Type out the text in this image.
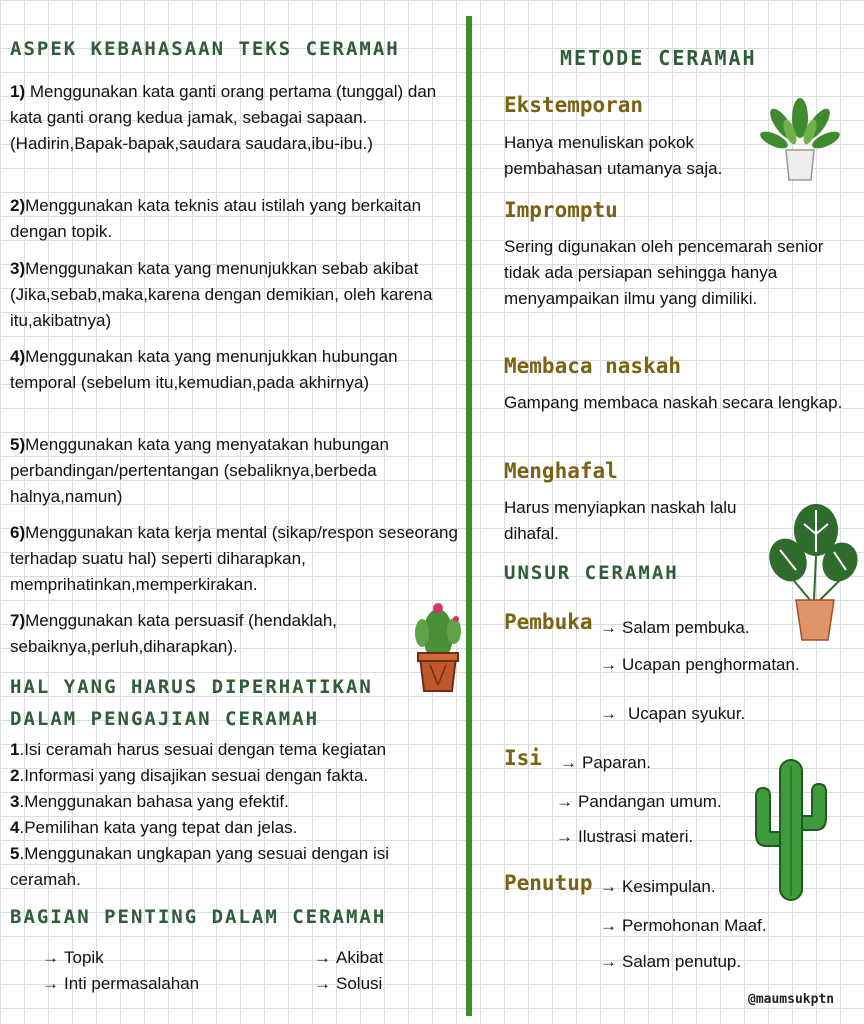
ASPEK KEBAHASAAN TEKS CERAMAH

1) Menggunakan kata ganti orang pertama (tunggal) dan kata ganti orang kedua jamak, sebagai sapaan.(Hadirin,Bapak-bapak,saudara saudara,ibu-ibu.)

2)Menggunakan kata teknis atau istilah yang berkaitan dengan topik.

3)Menggunakan kata yang menunjukkan sebab akibat (Jika,sebab,maka,karena dengan demikian, oleh karena itu,akibatnya)

4)Menggunakan kata yang menunjukkan hubungan temporal (sebelum itu,kemudian,pada akhirnya)

5)Menggunakan kata yang menyatakan hubungan perbandingan/pertentangan (sebaliknya,berbeda halnya,namun)

6)Menggunakan kata kerja mental (sikap/respon seseorang terhadap suatu hal) seperti diharapkan, memprihatinkan,memperkirakan.

7)Menggunakan kata persuasif (hendaklah, sebaiknya,perluh,diharapkan).

HAL YANG HARUS DIPERHATIKAN
DALAM PENGAJIAN CERAMAH

1.Isi ceramah harus sesuai dengan tema kegiatan

2.Informasi yang disajikan sesuai dengan fakta.

3.Menggunakan bahasa yang efektif.

4.Pemilihan kata yang tepat dan jelas.

5.Menggunakan ungkapan yang sesuai dengan isi ceramah.

BAGIAN PENTING DALAM CERAMAH
→ Topik	→ Akibat
→ Inti permasalahan	→ Solusi
METODE CERAMAH
Ekstemporan

Hanya menuliskan pokok pembahasan utamanya saja.

Impromptu

Sering digunakan oleh pencemarah senior tidak ada persiapan sehingga hanya menyampaikan ilmu yang dimiliki.

Membaca naskah

Gampang membaca naskah secara lengkap.

Menghafal

Harus menyiapkan naskah lalu dihafal.

UNSUR CERAMAH
Pembuka → Salam pembuka.
→ Ucapan penghormatan.
→ Ucapan syukur.
Isi → Paparan.
→ Pandangan umum.
→ Ilustrasi materi.
Penutup → Kesimpulan.
→ Permohonan Maaf.
→ Salam penutup.
@maumsukptn
